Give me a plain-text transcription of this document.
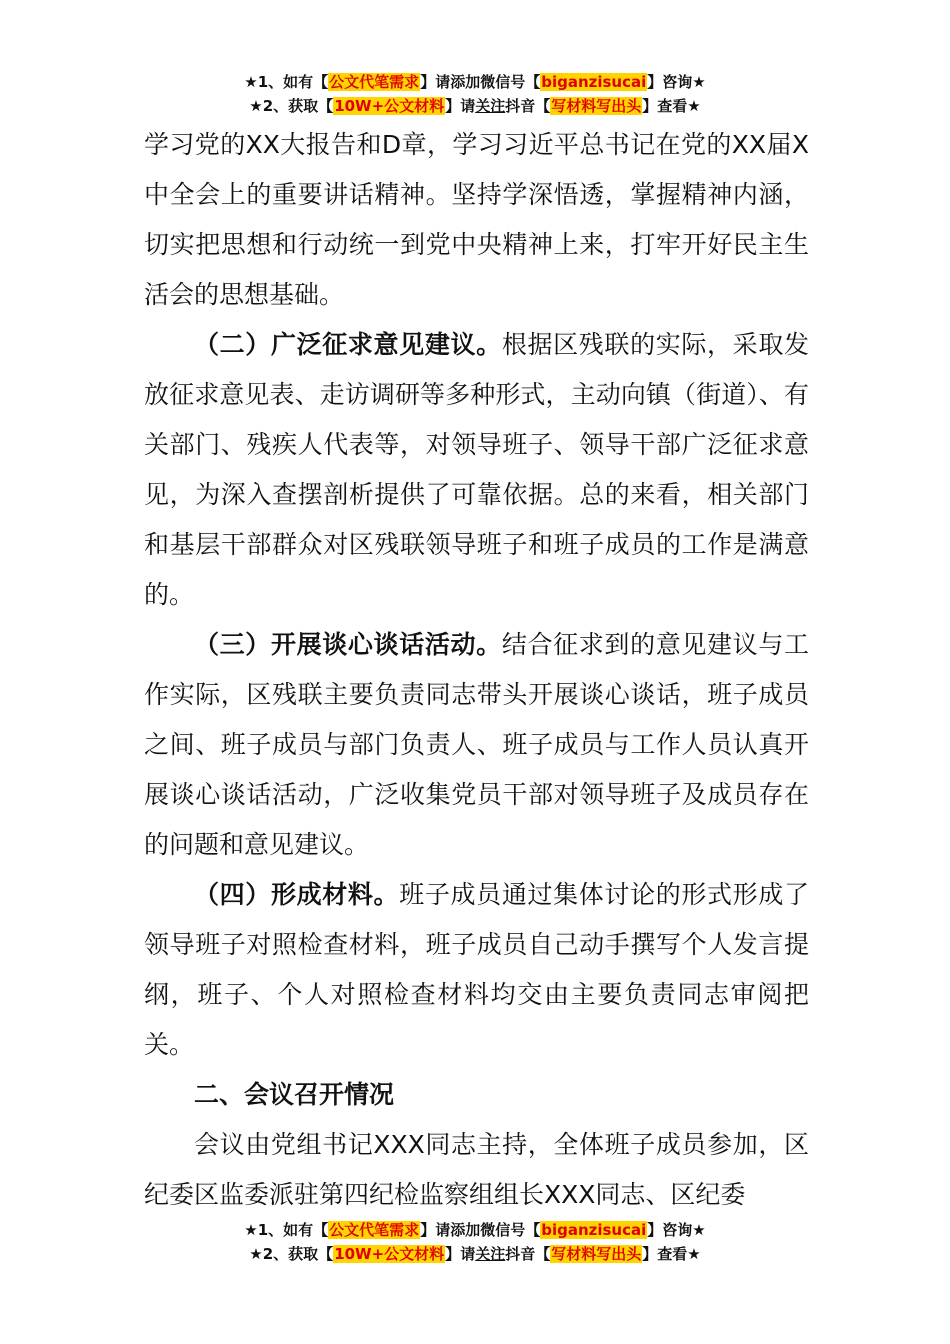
★1、如有【公文代笔需求】请添加微信号【biganzisucai】咨询★
★2、获取【10W+公文材料】请关注抖音【写材料写出头】查看★

学习党的XX大报告和D章，学习习近平总书记在党的XX届X中全会上的重要讲话精神。坚持学深悟透，掌握精神内涵，切实把思想和行动统一到党中央精神上来，打牢开好民主生活会的思想基础。

（二）广泛征求意见建议。根据区残联的实际，采取发放征求意见表、走访调研等多种形式，主动向镇（街道）、有关部门、残疾人代表等，对领导班子、领导干部广泛征求意见，为深入查摆剖析提供了可靠依据。总的来看，相关部门和基层干部群众对区残联领导班子和班子成员的工作是满意的。

（三）开展谈心谈话活动。结合征求到的意见建议与工作实际，区残联主要负责同志带头开展谈心谈话，班子成员之间、班子成员与部门负责人、班子成员与工作人员认真开展谈心谈话活动，广泛收集党员干部对领导班子及成员存在的问题和意见建议。

（四）形成材料。班子成员通过集体讨论的形式形成了领导班子对照检查材料，班子成员自己动手撰写个人发言提纲，班子、个人对照检查材料均交由主要负责同志审阅把关。

二、会议召开情况

会议由党组书记XXX同志主持，全体班子成员参加，区纪委区监委派驻第四纪检监察组组长XXX同志、区纪委

★1、如有【公文代笔需求】请添加微信号【biganzisucai】咨询★
★2、获取【10W+公文材料】请关注抖音【写材料写出头】查看★
